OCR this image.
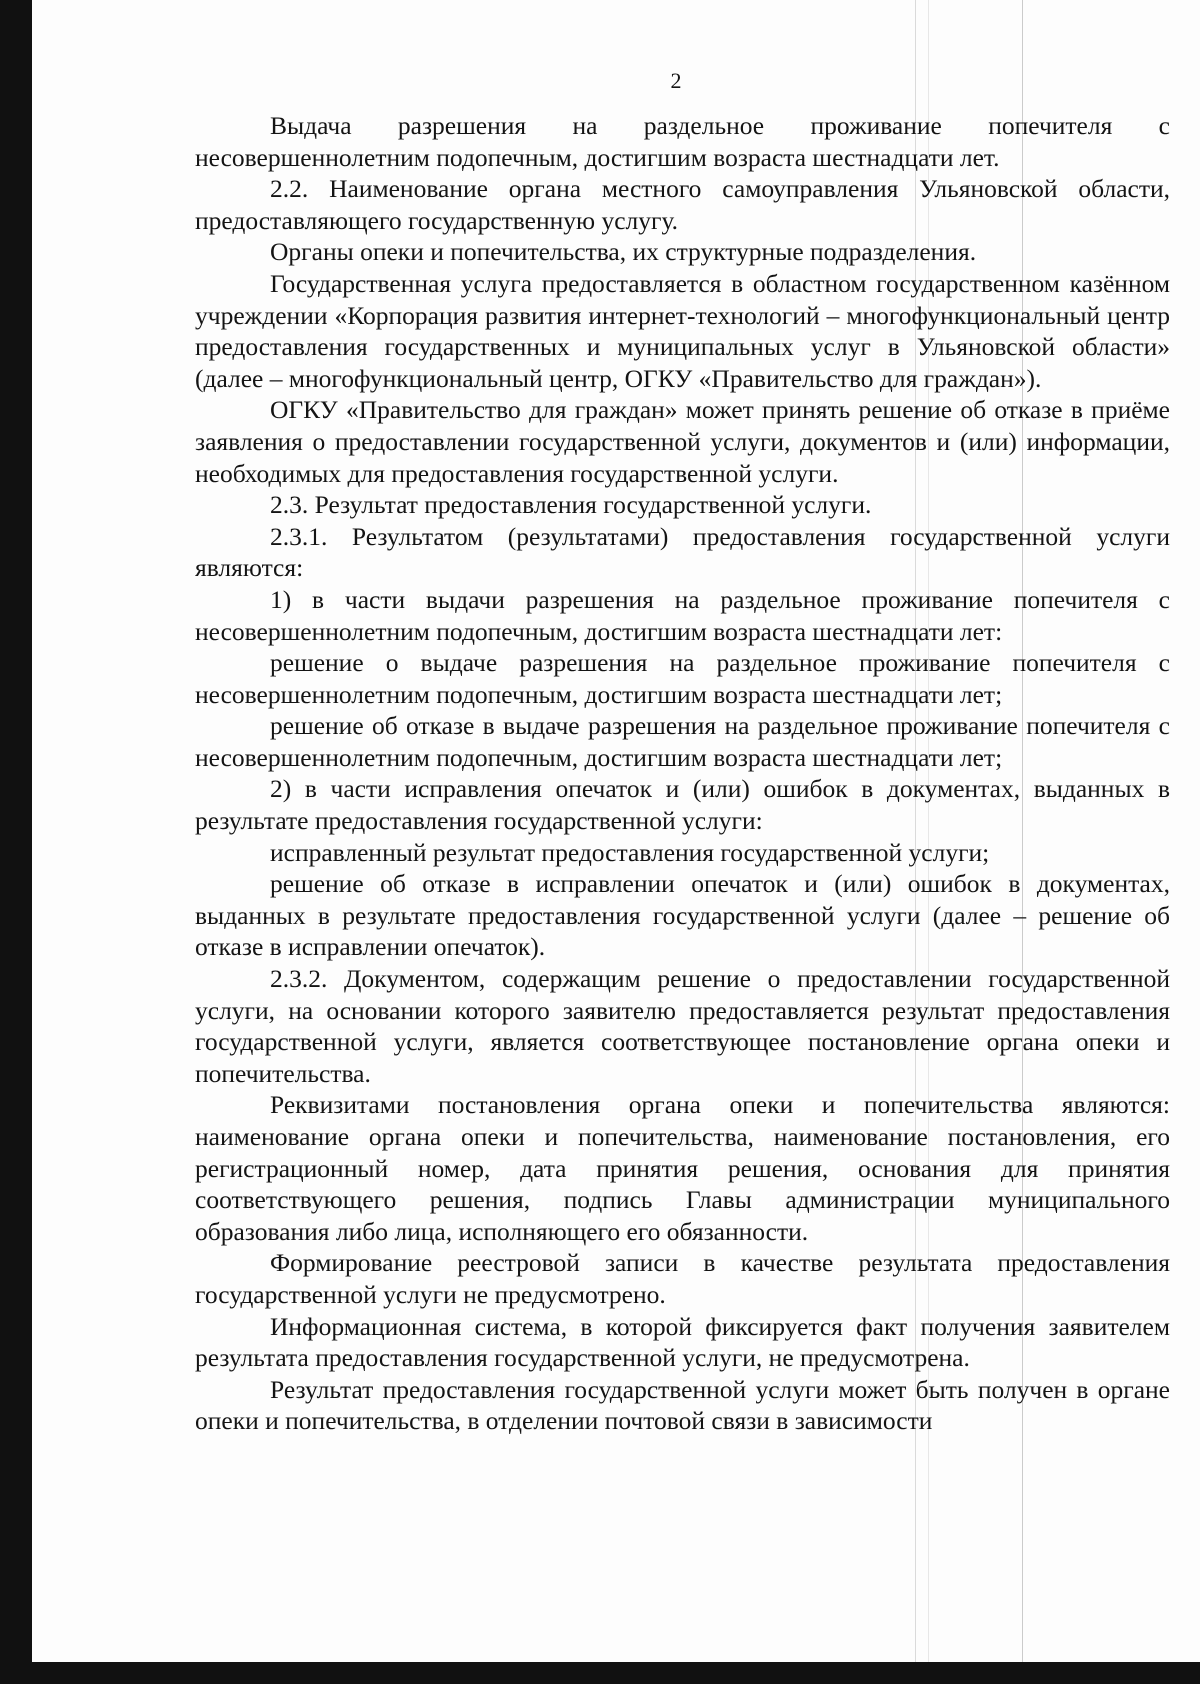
2

Выдача разрешения на раздельное проживание попечителя с несовершеннолетним подопечным, достигшим возраста шестнадцати лет.

2.2. Наименование органа местного самоуправления Ульяновской области, предоставляющего государственную услугу.

Органы опеки и попечительства, их структурные подразделения.

Государственная услуга предоставляется в областном государственном казённом учреждении «Корпорация развития интернет-технологий – многофункциональный центр предоставления государственных и муниципальных услуг в Ульяновской области» (далее – многофункциональный центр, ОГКУ «Правительство для граждан»).

ОГКУ «Правительство для граждан» может принять решение об отказе в приёме заявления о предоставлении государственной услуги, документов и (или) информации, необходимых для предоставления государственной услуги.

2.3. Результат предоставления государственной услуги.

2.3.1. Результатом (результатами) предоставления государственной услуги являются:

1) в части выдачи разрешения на раздельное проживание попечителя с несовершеннолетним подопечным, достигшим возраста шестнадцати лет:

решение о выдаче разрешения на раздельное проживание попечителя с несовершеннолетним подопечным, достигшим возраста шестнадцати лет;

решение об отказе в выдаче разрешения на раздельное проживание попечителя с несовершеннолетним подопечным, достигшим возраста шестнадцати лет;

2) в части исправления опечаток и (или) ошибок в документах, выданных в результате предоставления государственной услуги:

исправленный результат предоставления государственной услуги;

решение об отказе в исправлении опечаток и (или) ошибок в документах, выданных в результате предоставления государственной услуги (далее – решение об отказе в исправлении опечаток).

2.3.2. Документом, содержащим решение о предоставлении государственной услуги, на основании которого заявителю предоставляется результат предоставления государственной услуги, является соответствующее постановление органа опеки и попечительства.

Реквизитами постановления органа опеки и попечительства являются: наименование органа опеки и попечительства, наименование постановления, его регистрационный номер, дата принятия решения, основания для принятия соответствующего решения, подпись Главы администрации муниципального образования либо лица, исполняющего его обязанности.

Формирование реестровой записи в качестве результата предоставления государственной услуги не предусмотрено.

Информационная система, в которой фиксируется факт получения заявителем результата предоставления государственной услуги, не предусмотрена.

Результат предоставления государственной услуги может быть получен в органе опеки и попечительства, в отделении почтовой связи в зависимости
